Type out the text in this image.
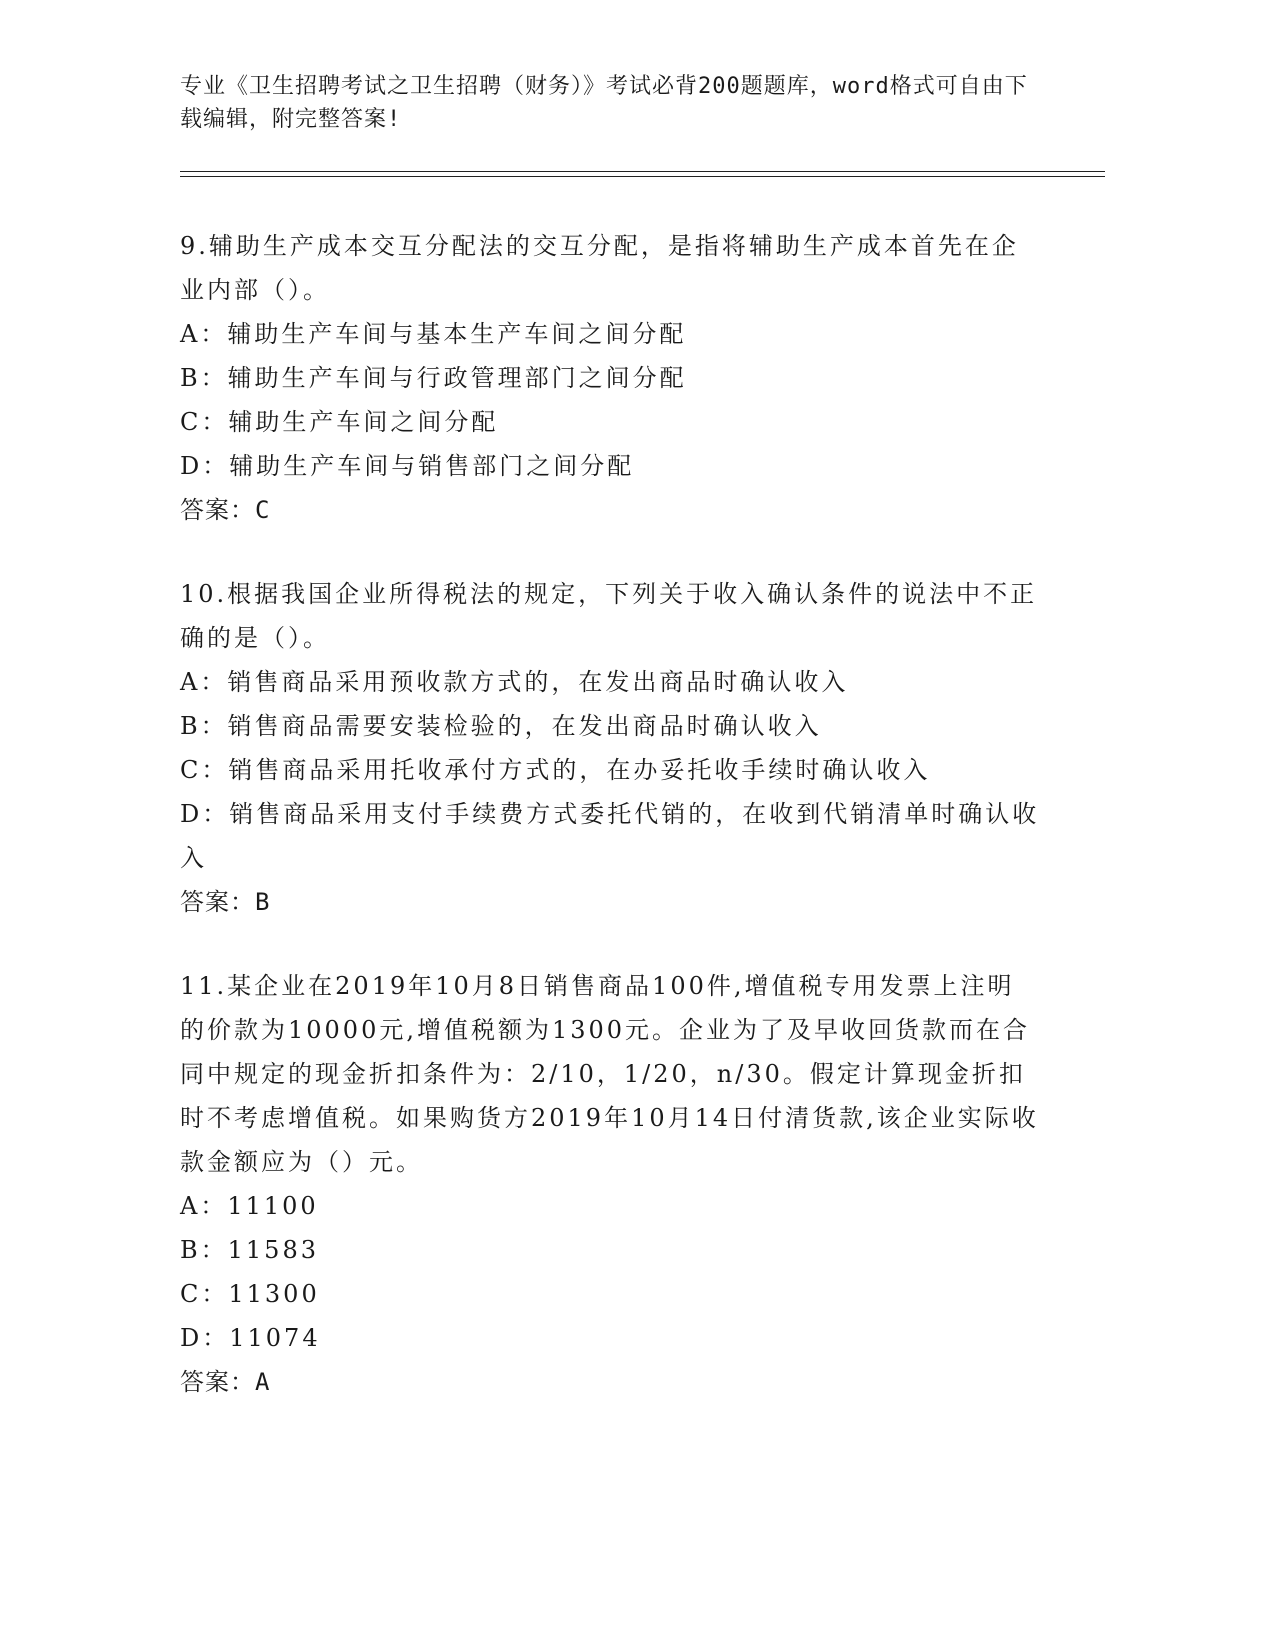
专业《卫生招聘考试之卫生招聘（财务）》考试必背200题题库，word格式可自由下载编辑，附完整答案!

9.辅助生产成本交互分配法的交互分配，是指将辅助生产成本首先在企业内部（）。

A：辅助生产车间与基本生产车间之间分配

B：辅助生产车间与行政管理部门之间分配

C：辅助生产车间之间分配

D：辅助生产车间与销售部门之间分配

答案：C

10.根据我国企业所得税法的规定，下列关于收入确认条件的说法中不正确的是（）。

A：销售商品采用预收款方式的，在发出商品时确认收入

B：销售商品需要安装检验的，在发出商品时确认收入

C：销售商品采用托收承付方式的，在办妥托收手续时确认收入

D：销售商品采用支付手续费方式委托代销的，在收到代销清单时确认收入

答案：B

11.某企业在2019年10月8日销售商品100件,增值税专用发票上注明的价款为10000元,增值税额为1300元。企业为了及早收回货款而在合同中规定的现金折扣条件为：2/10，1/20，n/30。假定计算现金折扣时不考虑增值税。如果购货方2019年10月14日付清货款,该企业实际收款金额应为（）元。

A：11100

B：11583

C：11300

D：11074

答案：A
